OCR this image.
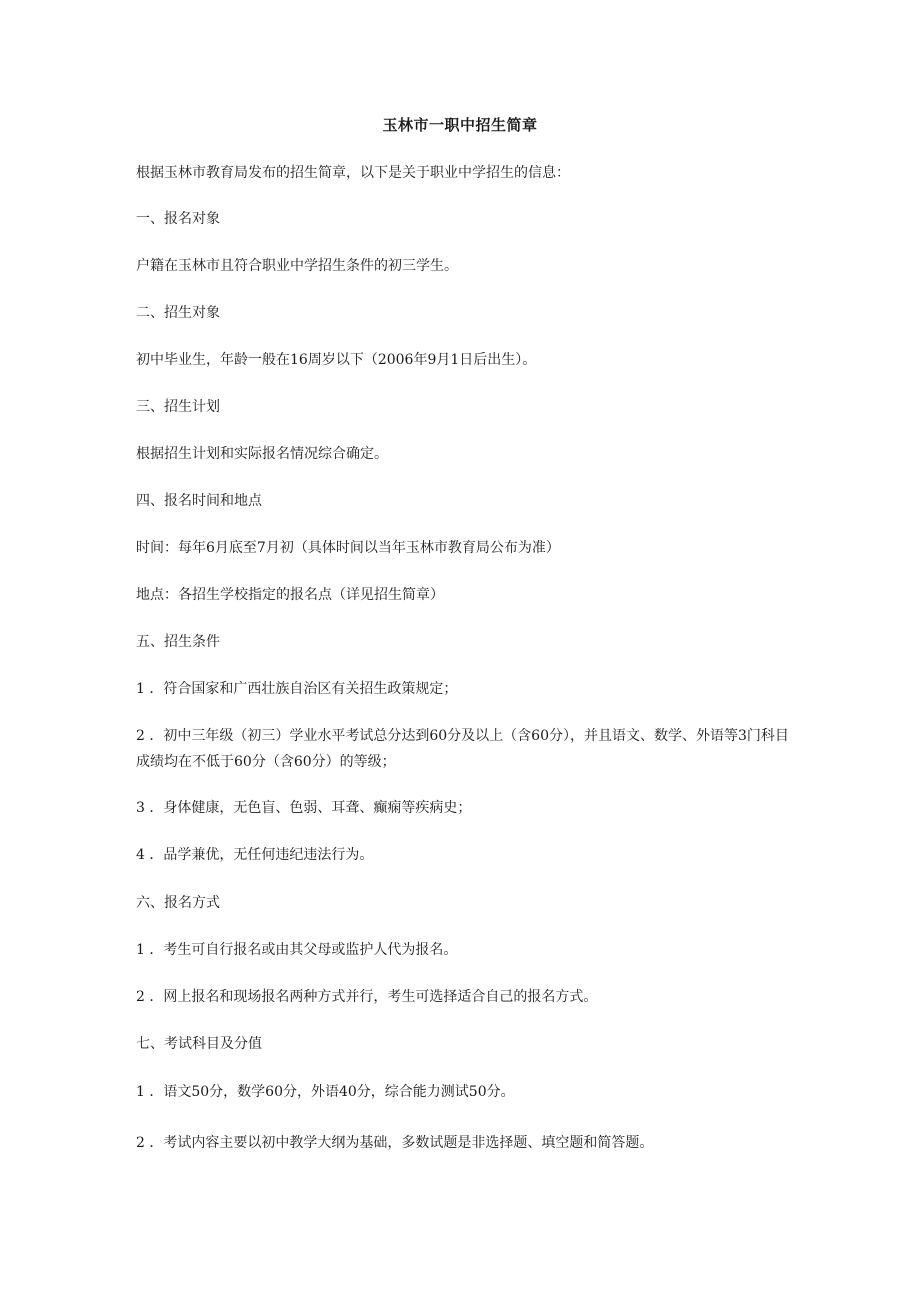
玉林市一职中招生简章
根据玉林市教育局发布的招生简章，以下是关于职业中学招生的信息：
一、报名对象
户籍在玉林市且符合职业中学招生条件的初三学生。
二、招生对象
初中毕业生，年龄一般在16周岁以下（2006年9月1日后出生）。
三、招生计划
根据招生计划和实际报名情况综合确定。
四、报名时间和地点
时间：每年6月底至7月初（具体时间以当年玉林市教育局公布为准）
地点：各招生学校指定的报名点（详见招生简章）
五、招生条件
1 ．符合国家和广西壮族自治区有关招生政策规定；
2 ．初中三年级（初三）学业水平考试总分达到60分及以上（含60分），并且语文、数学、外语等3门科目成绩均在不低于60分（含60分）的等级；
3 ．身体健康，无色盲、色弱、耳聋、癫痫等疾病史；
4 ．品学兼优，无任何违纪违法行为。
六、报名方式
1 ．考生可自行报名或由其父母或监护人代为报名。
2 ．网上报名和现场报名两种方式并行，考生可选择适合自己的报名方式。
七、考试科目及分值
1 ．语文50分，数学60分，外语40分，综合能力测试50分。
2 ．考试内容主要以初中教学大纲为基础，多数试题是非选择题、填空题和简答题。
